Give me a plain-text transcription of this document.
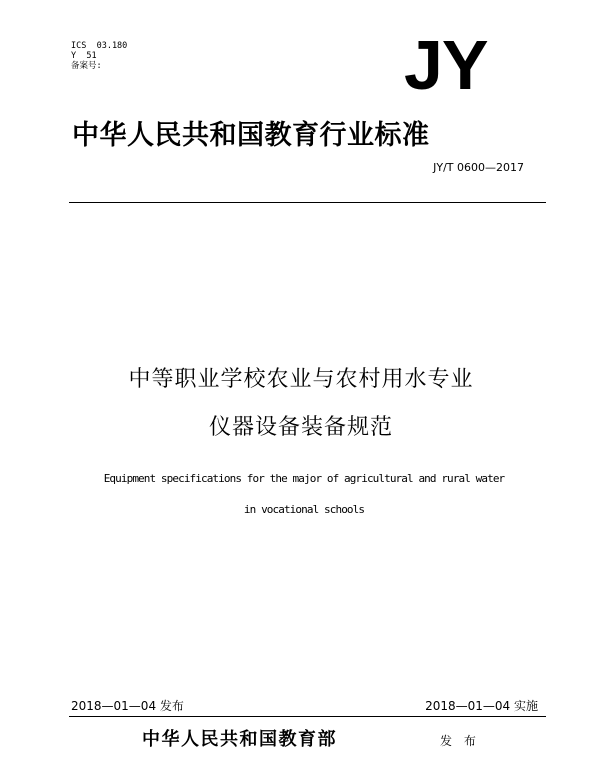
ICS  03.180
Y  51
备案号:	JY
中华人民共和国教育行业标准
JY/T 0600—2017
中等职业学校农业与农村用水专业
仪器设备装备规范
Equipment specifications for the major of agricultural and rural water
in vocational schools
2018—01—04 发布	2018—01—04 实施
中华人民共和国教育部	发 布
